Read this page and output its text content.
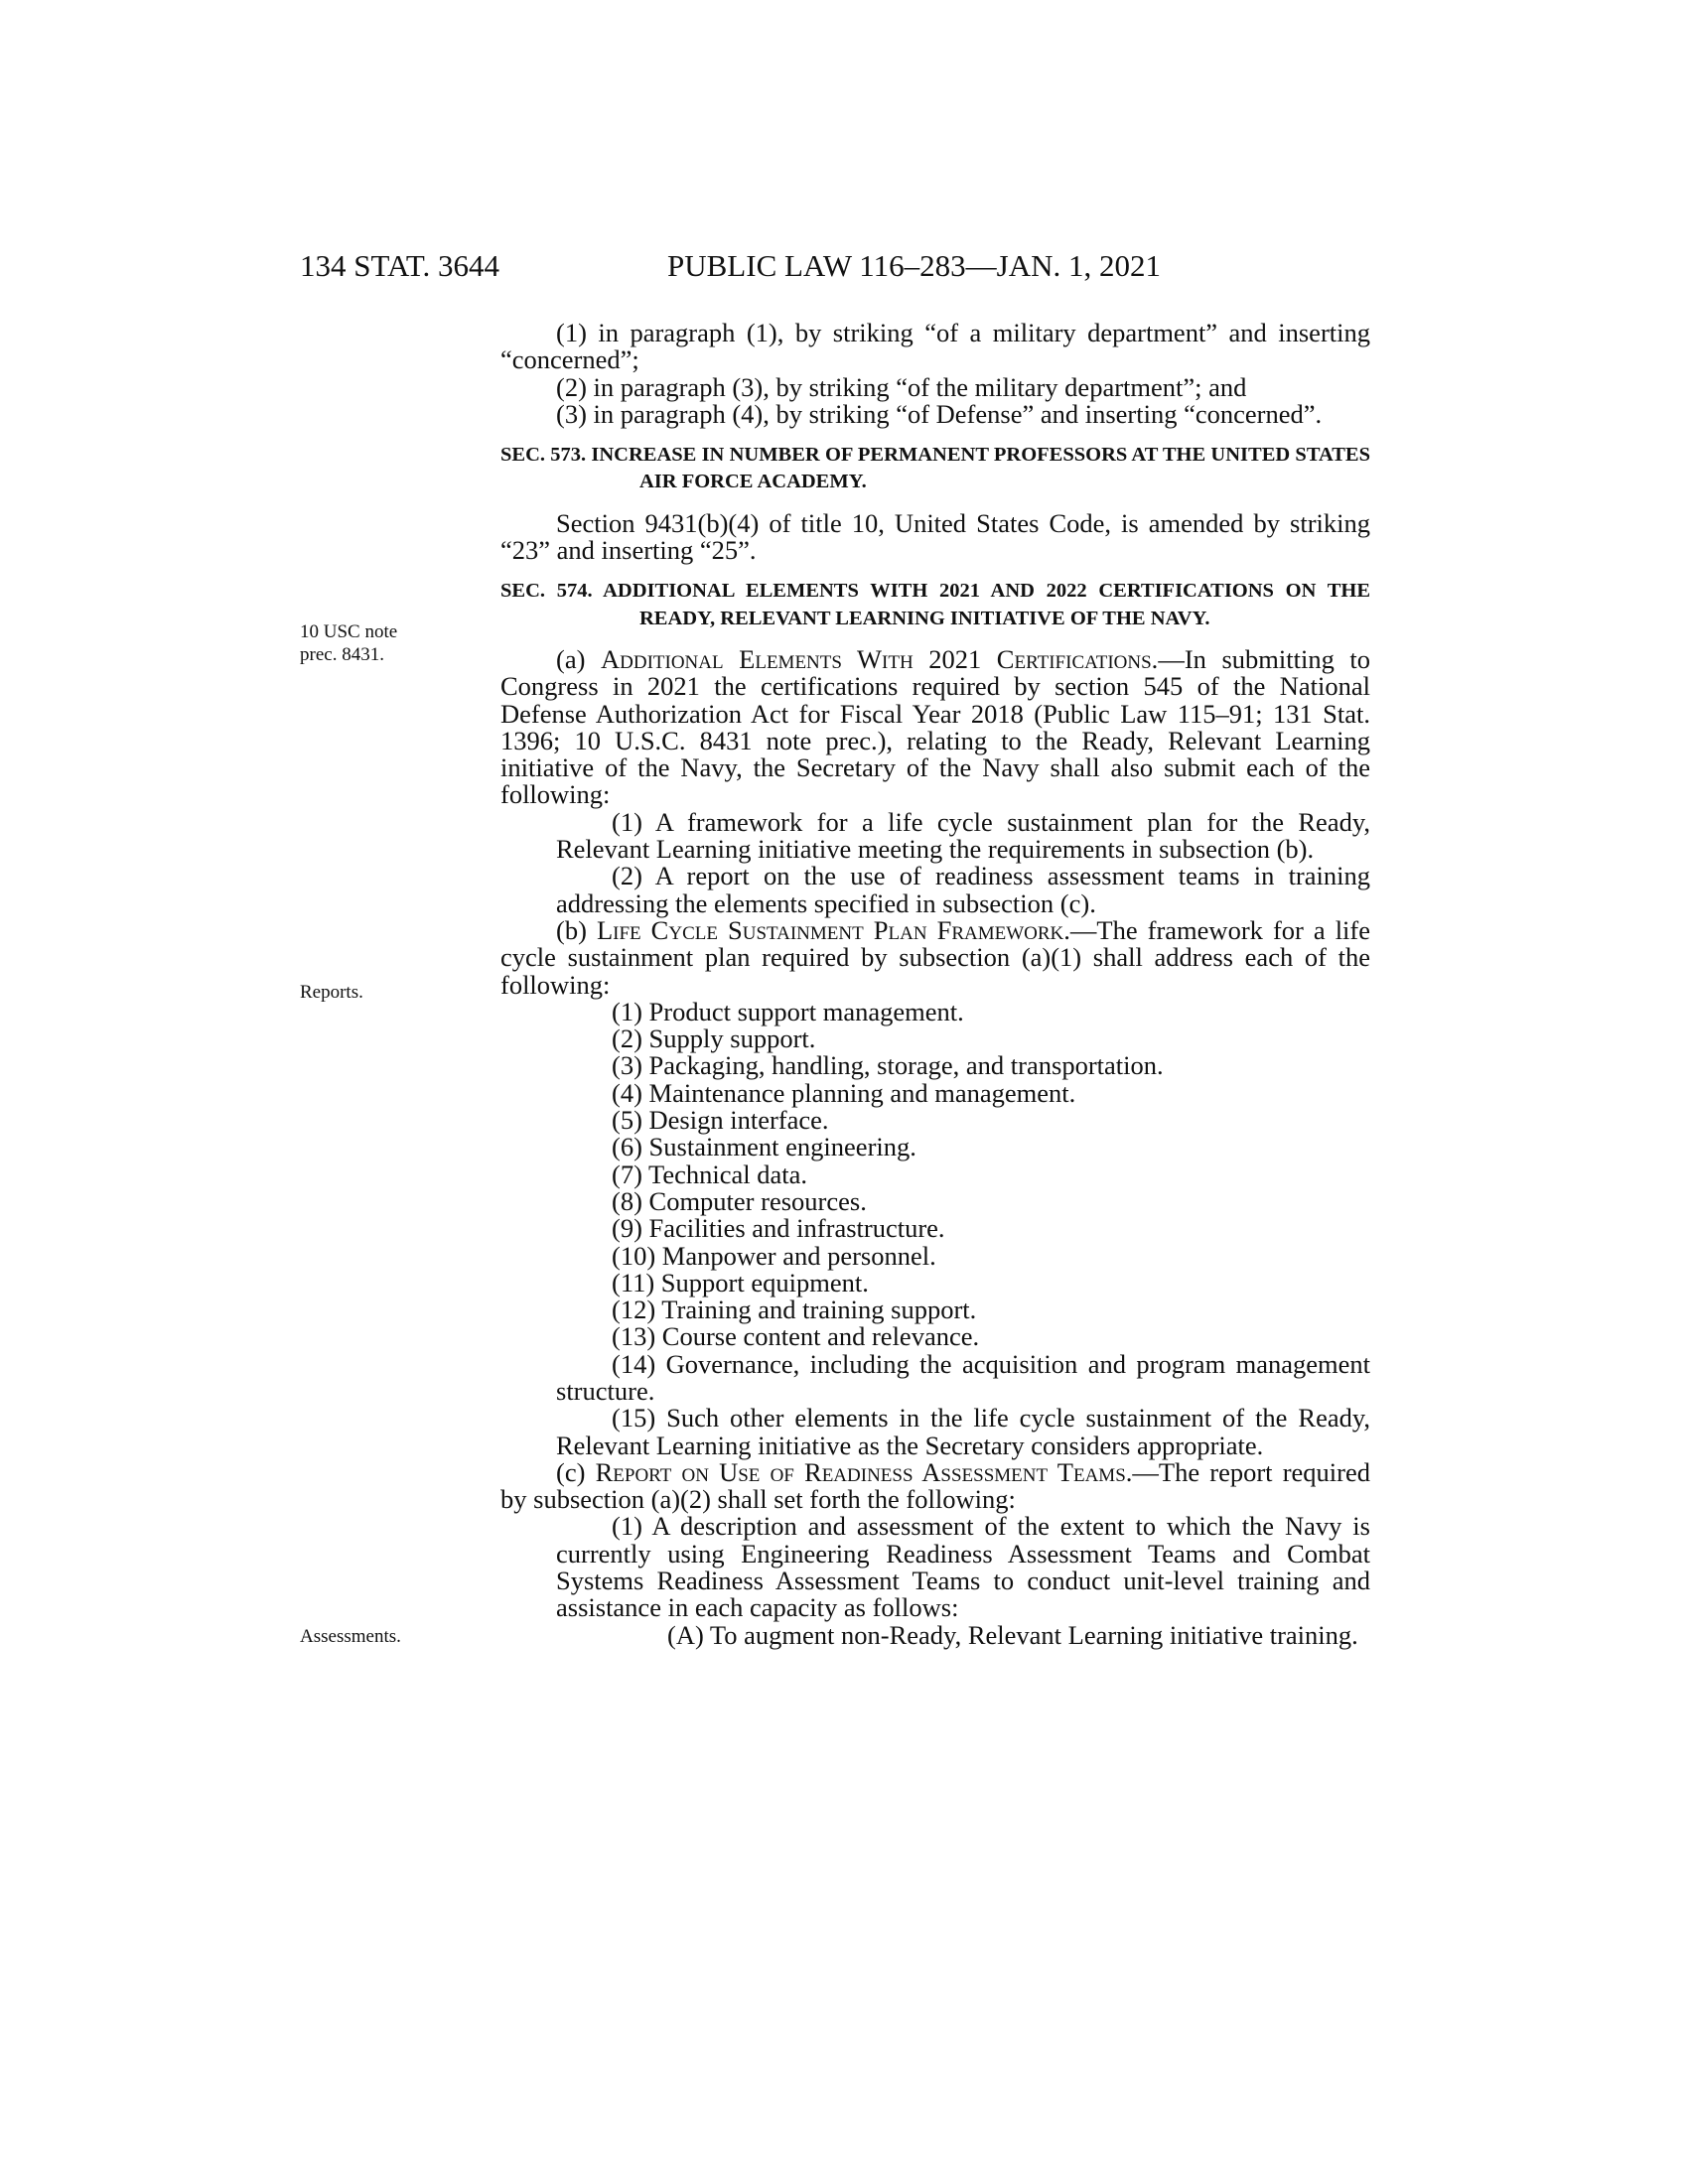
134 STAT. 3644	PUBLIC LAW 116–283—JAN. 1, 2021
10 USC note prec. 8431.
Reports.
Assessments.

(1) in paragraph (1), by striking “of a military department” and inserting “concerned”;

(2) in paragraph (3), by striking “of the military department”; and

(3) in paragraph (4), by striking “of Defense” and inserting “concerned”.

SEC. 573. INCREASE IN NUMBER OF PERMANENT PROFESSORS AT THE UNITED STATES AIR FORCE ACADEMY.

Section 9431(b)(4) of title 10, United States Code, is amended by striking “23” and inserting “25”.

SEC. 574. ADDITIONAL ELEMENTS WITH 2021 AND 2022 CERTIFICATIONS ON THE READY, RELEVANT LEARNING INITIATIVE OF THE NAVY.

(a) Additional Elements With 2021 Certifications.—In submitting to Congress in 2021 the certifications required by section 545 of the National Defense Authorization Act for Fiscal Year 2018 (Public Law 115–91; 131 Stat. 1396; 10 U.S.C. 8431 note prec.), relating to the Ready, Relevant Learning initiative of the Navy, the Secretary of the Navy shall also submit each of the following:

(1) A framework for a life cycle sustainment plan for the Ready, Relevant Learning initiative meeting the requirements in subsection (b).

(2) A report on the use of readiness assessment teams in training addressing the elements specified in subsection (c).

(b) Life Cycle Sustainment Plan Framework.—The framework for a life cycle sustainment plan required by subsection (a)(1) shall address each of the following:

(1) Product support management.

(2) Supply support.

(3) Packaging, handling, storage, and transportation.

(4) Maintenance planning and management.

(5) Design interface.

(6) Sustainment engineering.

(7) Technical data.

(8) Computer resources.

(9) Facilities and infrastructure.

(10) Manpower and personnel.

(11) Support equipment.

(12) Training and training support.

(13) Course content and relevance.

(14) Governance, including the acquisition and program management structure.

(15) Such other elements in the life cycle sustainment of the Ready, Relevant Learning initiative as the Secretary considers appropriate.

(c) Report on Use of Readiness Assessment Teams.—The report required by subsection (a)(2) shall set forth the following:

(1) A description and assessment of the extent to which the Navy is currently using Engineering Readiness Assessment Teams and Combat Systems Readiness Assessment Teams to conduct unit-level training and assistance in each capacity as follows:

(A) To augment non-Ready, Relevant Learning initiative training.
